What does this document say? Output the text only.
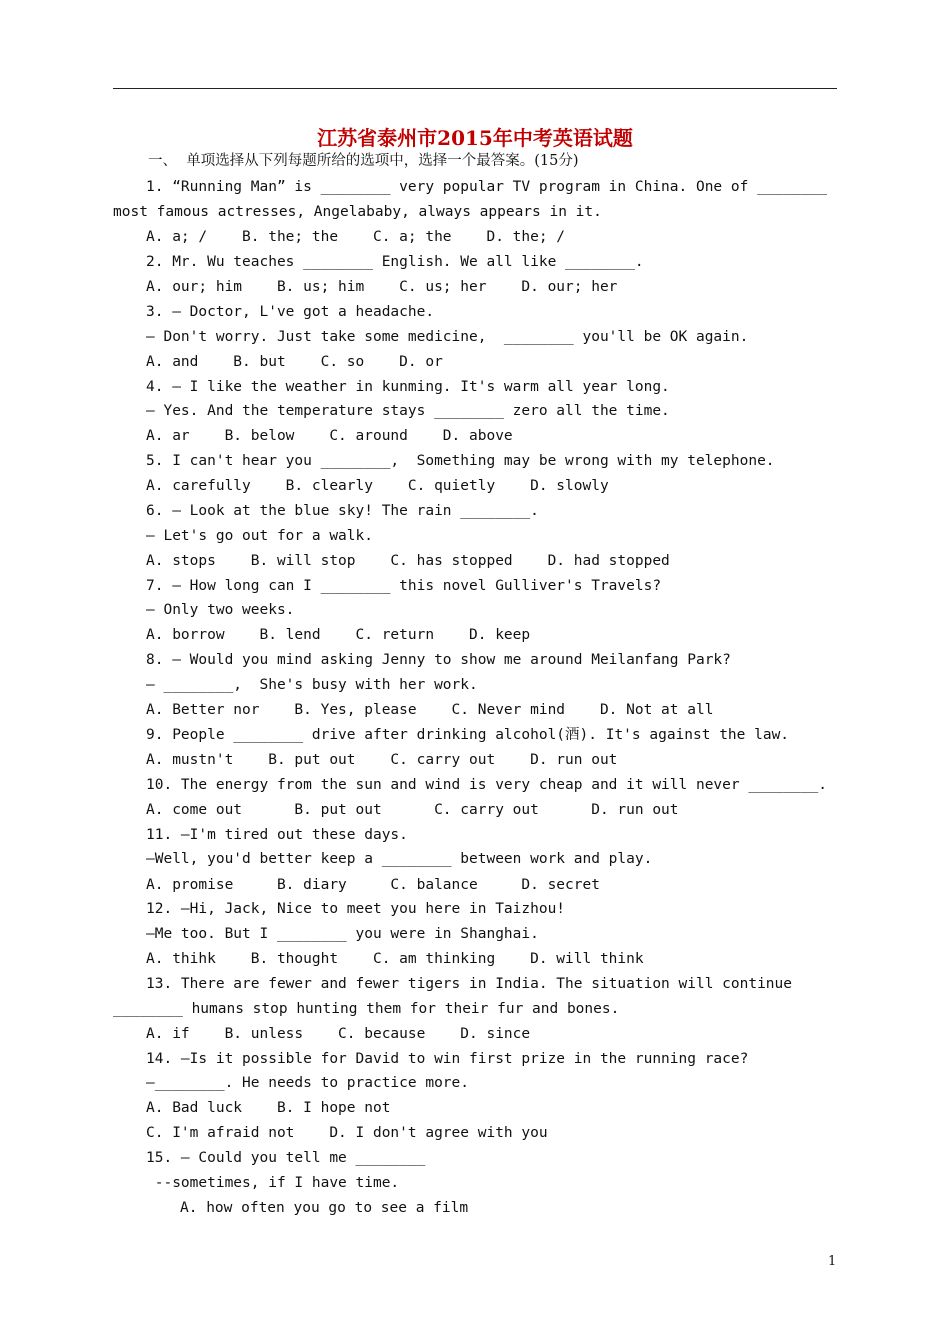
江苏省泰州市2015年中考英语试题
一、  单项选择从下列每题所给的选项中，选择一个最答案。(15分)
1. “Running Man” is ________ very popular TV program in China. One of ________
most famous actresses, Angelababy, always appears in it.
A. a; /    B. the; the    C. a; the    D. the; /
2. Mr. Wu teaches ________ English. We all like ________.
A. our; him    B. us; him    C. us; her    D. our; her
3. — Doctor, L've got a headache.
— Don't worry. Just take some medicine,  ________ you'll be OK again.
A. and    B. but    C. so    D. or
4. — I like the weather in kunming. It's warm all year long.
— Yes. And the temperature stays ________ zero all the time.
A. ar    B. below    C. around    D. above
5. I can't hear you ________,  Something may be wrong with my telephone.
A. carefully    B. clearly    C. quietly    D. slowly
6. — Look at the blue sky! The rain ________.
— Let's go out for a walk.
A. stops    B. will stop    C. has stopped    D. had stopped
7. — How long can I ________ this novel Gulliver's Travels?
— Only two weeks.
A. borrow    B. lend    C. return    D. keep
8. — Would you mind asking Jenny to show me around Meilanfang Park?
— ________,  She's busy with her work.
A. Better nor    B. Yes, please    C. Never mind    D. Not at all
9. People ________ drive after drinking alcohol(酒). It's against the law.
A. mustn't    B. put out    C. carry out    D. run out
10. The energy from the sun and wind is very cheap and it will never ________.
A. come out      B. put out      C. carry out      D. run out
11. —I'm tired out these days.
—Well, you'd better keep a ________ between work and play.
A. promise     B. diary     C. balance     D. secret
12. —Hi, Jack, Nice to meet you here in Taizhou!
—Me too. But I ________ you were in Shanghai.
A. thihk    B. thought    C. am thinking    D. will think
13. There are fewer and fewer tigers in India. The situation will continue
________ humans stop hunting them for their fur and bones.
A. if    B. unless    C. because    D. since
14. —Is it possible for David to win first prize in the running race?
—________. He needs to practice more.
A. Bad luck    B. I hope not
C. I'm afraid not    D. I don't agree with you
15. — Could you tell me ________
--sometimes, if I have time.
A. how often you go to see a film
1
